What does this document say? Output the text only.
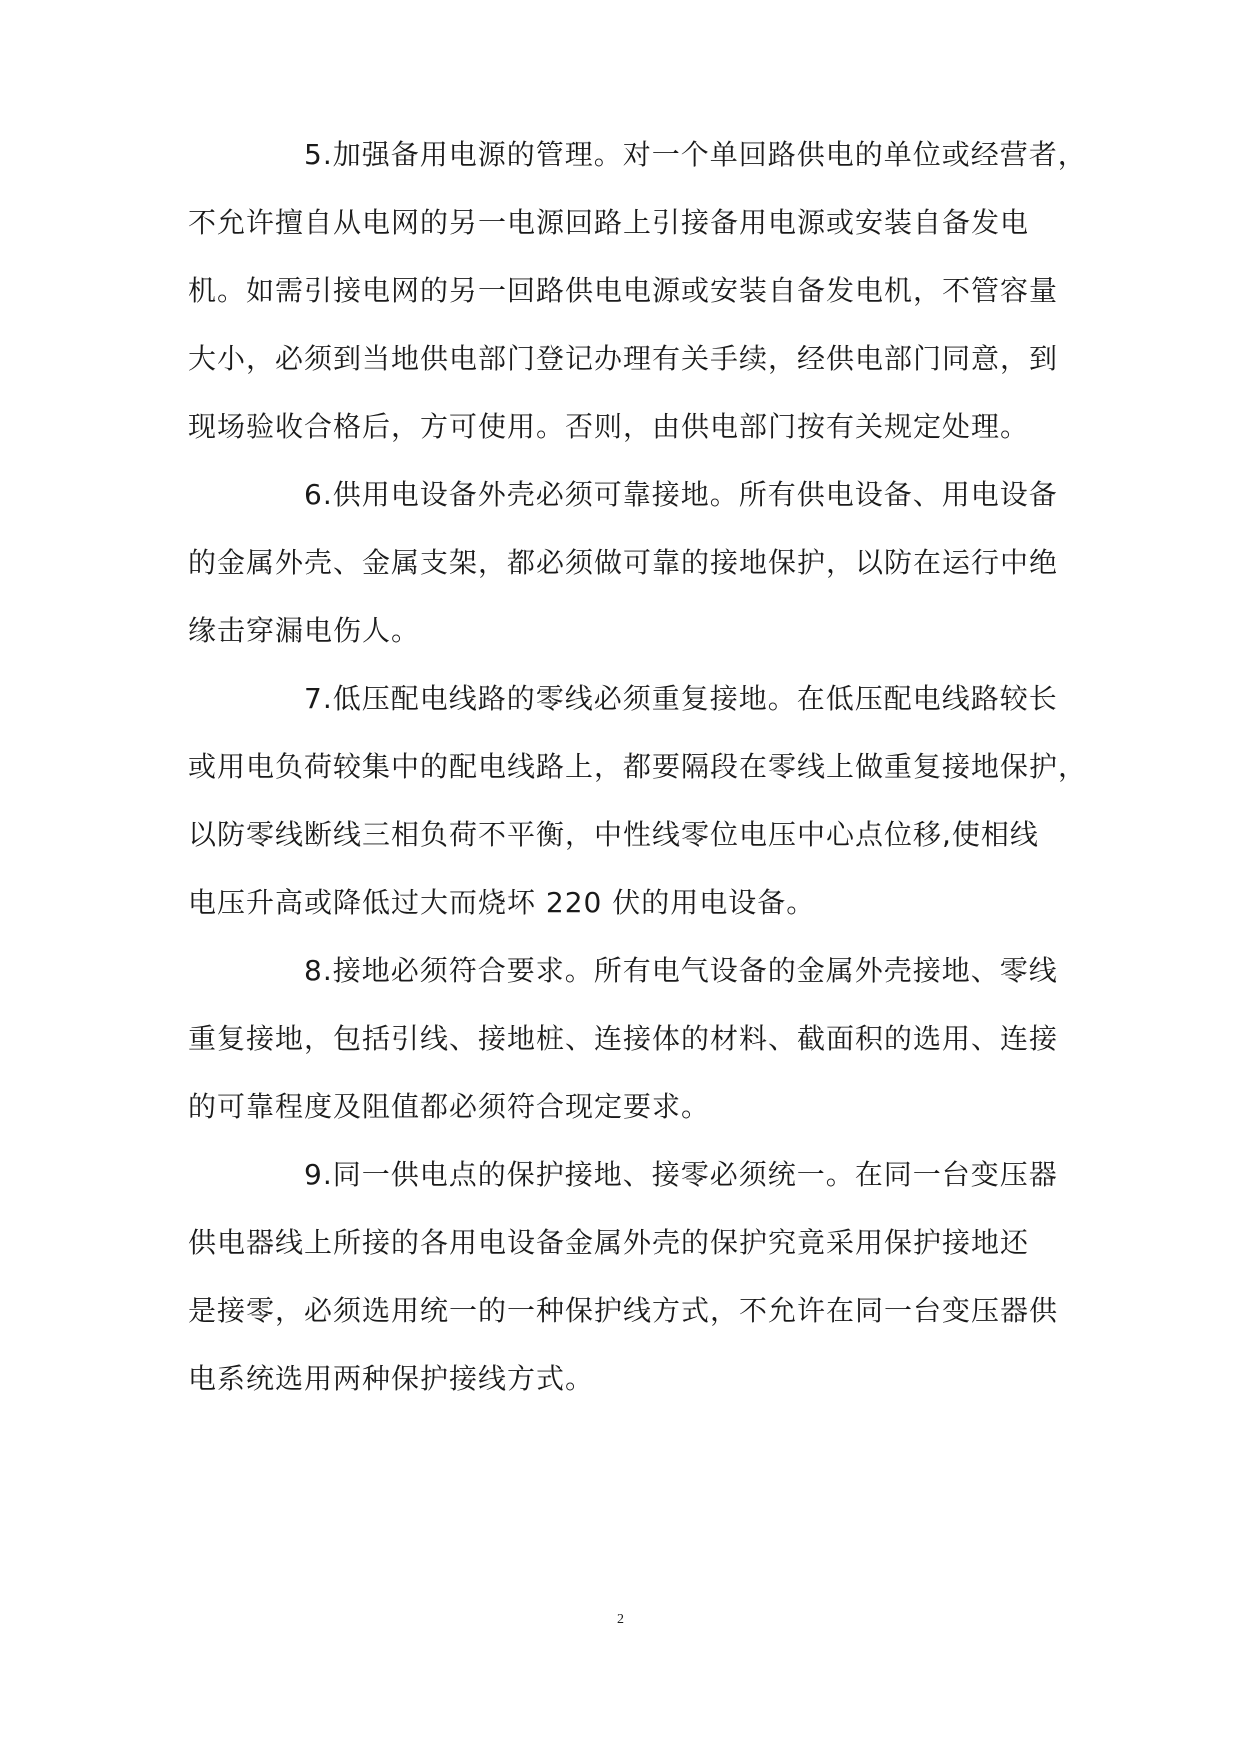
5.加强备用电源的管理。对一个单回路供电的单位或经营者，
不允许擅自从电网的另一电源回路上引接备用电源或安装自备发电
机。如需引接电网的另一回路供电电源或安装自备发电机，不管容量
大小，必须到当地供电部门登记办理有关手续，经供电部门同意，到
现场验收合格后，方可使用。否则，由供电部门按有关规定处理。
6.供用电设备外壳必须可靠接地。所有供电设备、用电设备
的金属外壳、金属支架，都必须做可靠的接地保护，以防在运行中绝
缘击穿漏电伤人。
7.低压配电线路的零线必须重复接地。在低压配电线路较长
或用电负荷较集中的配电线路上，都要隔段在零线上做重复接地保护，
以防零线断线三相负荷不平衡，中性线零位电压中心点位移,使相线
电压升高或降低过大而烧坏 220 伏的用电设备。
8.接地必须符合要求。所有电气设备的金属外壳接地、零线
重复接地，包括引线、接地桩、连接体的材料、截面积的选用、连接
的可靠程度及阻值都必须符合现定要求。
9.同一供电点的保护接地、接零必须统一。在同一台变压器
供电器线上所接的各用电设备金属外壳的保护究竟采用保护接地还
是接零，必须选用统一的一种保护线方式，不允许在同一台变压器供
电系统选用两种保护接线方式。
2
